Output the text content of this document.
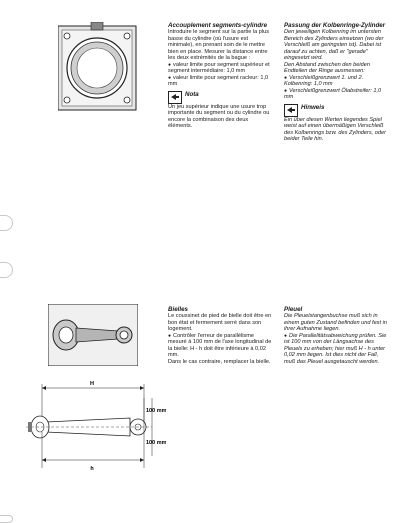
Accouplement segments-cylindre

Introduire le segment sur la partie la plus basse du cylindre (où l'usure est minimale), en prenant soin de le mettre bien en place. Mesurer la distance entre les deux extrémités de la bague :

● valeur limite pour segment supérieur et segment intermédiaire: 1,0 mm

● valeur limite pour segment racleur: 1,0 mm

Nota

Un jeu supérieur indique une usure trop importante du segment ou du cylindre ou encore la combinaison des deux éléments.

Passung der Kolbenringe-Zylinder

Den jeweiligen Kolbenring im untersten Bereich des Zylinders einsetzen (wo der Verschleiß am geringsten ist). Dabei ist darauf zu achten, daß er "gerade" eingesetzt wird.

Den Abstand zwischen den beiden Endteilen der Ringe ausmessen:

● Verschleißgrenzwert 1. und 2. Kolbenring: 1,0 mm

● Verschleißgrenzwert Ölabstreifer: 1,0 mm

Hinweis

Ein über diesen Werten liegendes Spiel weist auf einen übermäßigen Verschleiß des Kolbenrings bzw. des Zylinders, oder beider Teile hin.

Bielles

Le coussinet de pied de bielle doit être en bon état et fermement serré dans son logement.

● Contrôler l'erreur de parallélisme mesuré à 100 mm de l'axe longitudinal de la bielle: H - h doit être inférieure à 0,02 mm.

Dans le cas contraire, remplacer la bielle.

Pleuel

Die Pleuelstangenbuchse muß sich in einem guten Zustand befinden und fest in ihrer Aufnahme liegen.

● Die Parallelitätsabweichung prüfen. Sie ist 100 mm von der Längsachse des Pleuels zu erheben; hier muß H - h unter 0,02 mm liegen. Ist dies nicht der Fall, muß das Pleuel ausgetauscht werden.

H
h
100 mm
100 mm
